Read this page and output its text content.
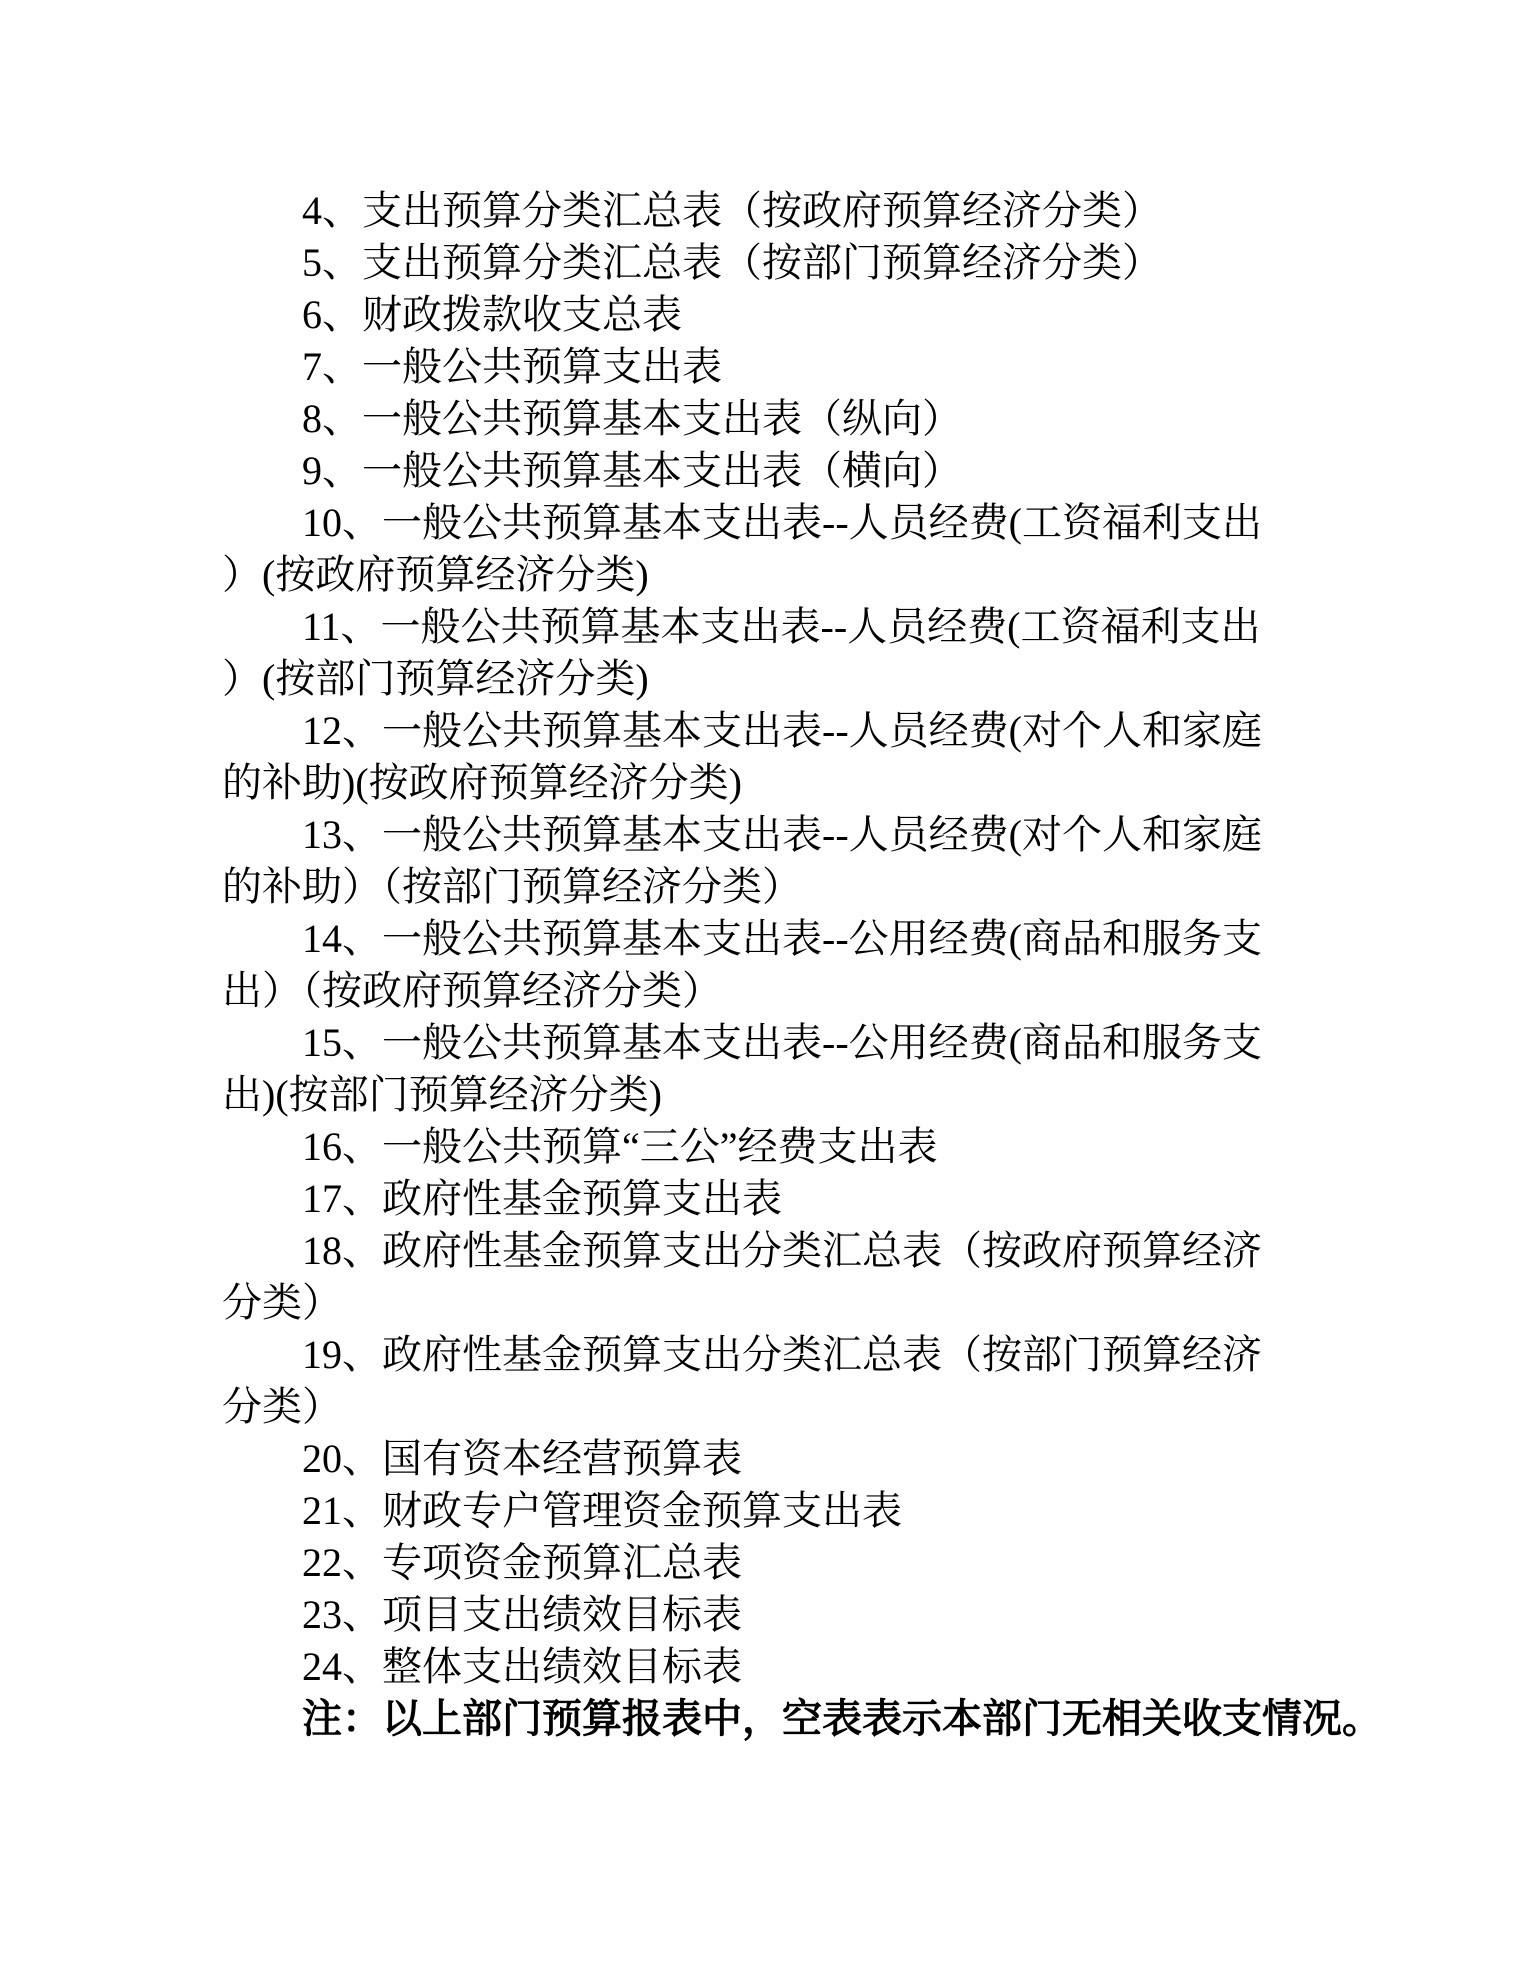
4、支出预算分类汇总表（按政府预算经济分类）
5、支出预算分类汇总表（按部门预算经济分类）
6、财政拨款收支总表
7、一般公共预算支出表
8、一般公共预算基本支出表（纵向）
9、一般公共预算基本支出表（横向）
10、一般公共预算基本支出表--人员经费(工资福利支出
）(按政府预算经济分类)
11、一般公共预算基本支出表--人员经费(工资福利支出
）(按部门预算经济分类)
12、一般公共预算基本支出表--人员经费(对个人和家庭
的补助)(按政府预算经济分类)
13、一般公共预算基本支出表--人员经费(对个人和家庭
的补助）（按部门预算经济分类）
14、一般公共预算基本支出表--公用经费(商品和服务支
出）（按政府预算经济分类）
15、一般公共预算基本支出表--公用经费(商品和服务支
出)(按部门预算经济分类)
16、一般公共预算“三公”经费支出表
17、政府性基金预算支出表
18、政府性基金预算支出分类汇总表（按政府预算经济
分类）
19、政府性基金预算支出分类汇总表（按部门预算经济
分类）
20、国有资本经营预算表
21、财政专户管理资金预算支出表
22、专项资金预算汇总表
23、项目支出绩效目标表
24、整体支出绩效目标表
注：以上部门预算报表中，空表表示本部门无相关收支情况。
